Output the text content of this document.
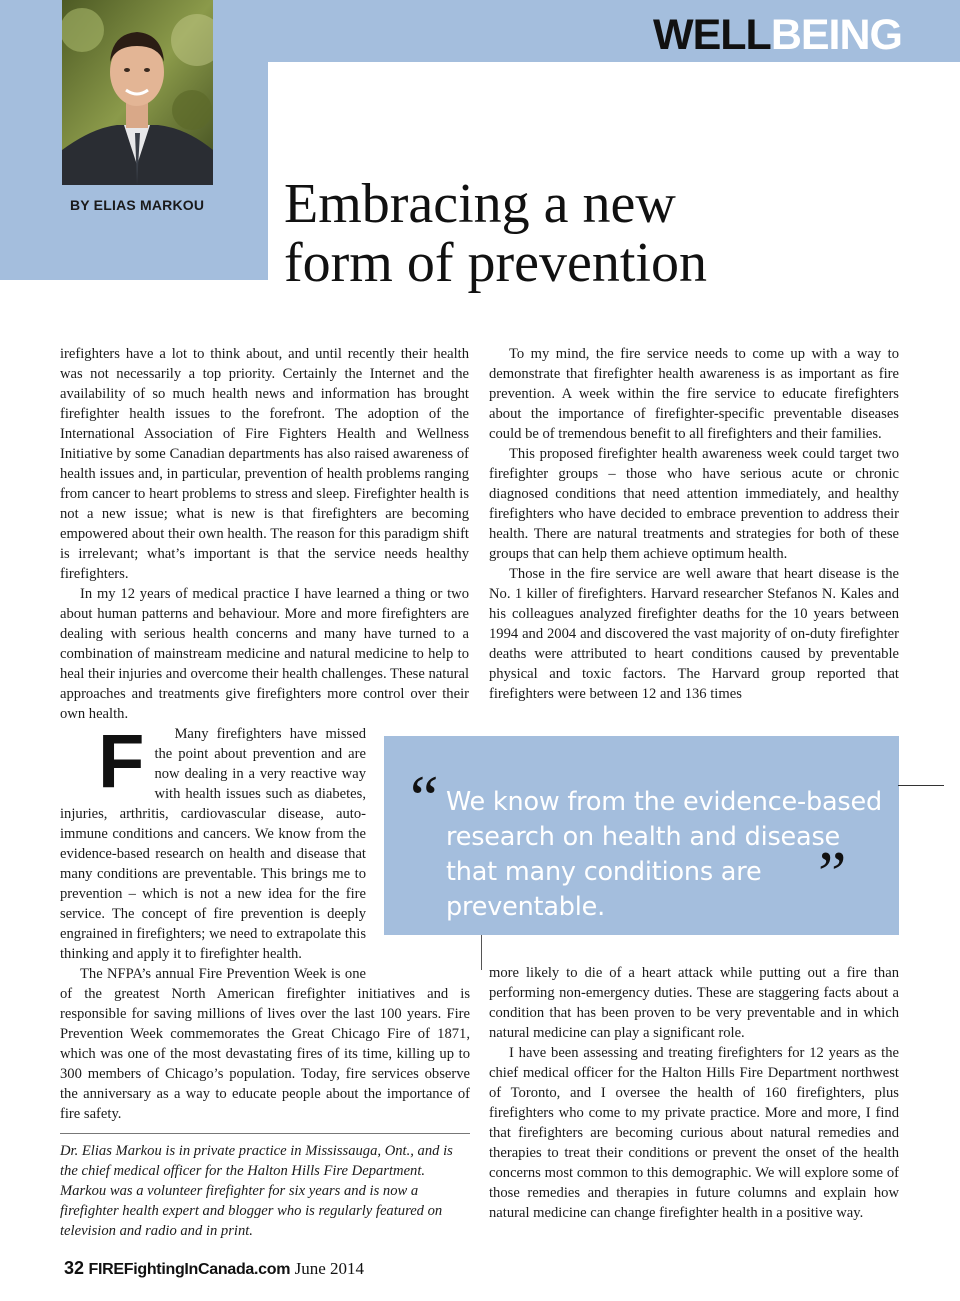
WELLBEING
BY ELIAS MARKOU Embracing a new
form of prevention
F

irefighters have a lot to think about, and until recently their health was not necessarily a top priority. Certainly the Internet and the availability of so much health news and information has brought firefighter health issues to the forefront. The adoption of the International Association of Fire Fighters Health and Wellness Initiative by some Canadian departments has also raised awareness of health issues and, in particular, prevention of health problems ranging from cancer to heart problems to stress and sleep. Firefighter health is not a new issue; what is new is that firefighters are becoming empowered about their own health. The reason for this paradigm shift is irrelevant; what’s important is that the service needs healthy firefighters.

In my 12 years of medical practice I have learned a thing or two about human patterns and behaviour. More and more firefighters are dealing with serious health concerns and many have turned to a combination of mainstream medicine and natural medicine to help to heal their injuries and overcome their health challenges. These natural approaches and treatments give firefighters more control over their own health.

Many firefighters have missed the point about prevention and are now dealing in a very reactive way with health issues such as diabetes, injuries, arthritis, cardiovascular disease, auto-immune conditions and cancers. We know from the evidence-based research on health and disease that many conditions are preventable. This brings me to prevention – which is not a new idea for the fire service. The concept of fire prevention is deeply engrained in firefighters; we need to extrapolate this thinking and apply it to firefighter health.

The NFPA’s annual Fire Prevention Week is one of the greatest North American firefighter initiatives and is responsible for saving millions of lives over the last 100 years. Fire Prevention Week commemorates the Great Chicago Fire of 1871, which was one of the most devastating fires of its time, killing up to 300 members of Chicago’s population. Today, fire services observe the anniversary as a way to educate people about the importance of fire safety.

To my mind, the fire service needs to come up with a way to demonstrate that firefighter health awareness is as important as fire prevention. A week within the fire service to educate firefighters about the importance of firefighter-specific preventable diseases could be of tremendous benefit to all firefighters and their families.

This proposed firefighter health awareness week could target two firefighter groups – those who have serious acute or chronic diagnosed conditions that need attention immediately, and healthy firefighters who have decided to embrace prevention to address their health. There are natural treatments and strategies for both of these groups that can help them achieve optimum health.

Those in the fire service are well aware that heart disease is the No. 1 killer of firefighters. Harvard researcher Stefanos N. Kales and his colleagues analyzed firefighter deaths for the 10 years between 1994 and 2004 and discovered the vast majority of on-duty firefighter deaths were attributed to heart conditions caused by preventable physical and toxic factors. The Harvard group reported that firefighters were between 12 and 136 times

“ We know from the evidence-based research on health and disease that many conditions are preventable.	”

more likely to die of a heart attack while putting out a fire than performing non-emergency duties. These are staggering facts about a condition that has been proven to be very preventable and in which natural medicine can play a significant role.

I have been assessing and treating firefighters for 12 years as the chief medical officer for the Halton Hills Fire Department northwest of Toronto, and I oversee the health of 160 firefighters, plus firefighters who come to my private practice. More and more, I find that firefighters are becoming curious about natural remedies and therapies to treat their conditions or prevent the onset of the health concerns most common to this demographic. We will explore some of those remedies and therapies in future columns and explain how natural medicine can change firefighter health in a positive way.

Dr. Elias Markou is in private practice in Mississauga, Ont., and is the chief medical officer for the Halton Hills Fire Department. Markou was a volunteer firefighter for six years and is now a firefighter health expert and blogger who is regularly featured on television and radio and in print.
32 FIREFightingInCanada.com June 2014
